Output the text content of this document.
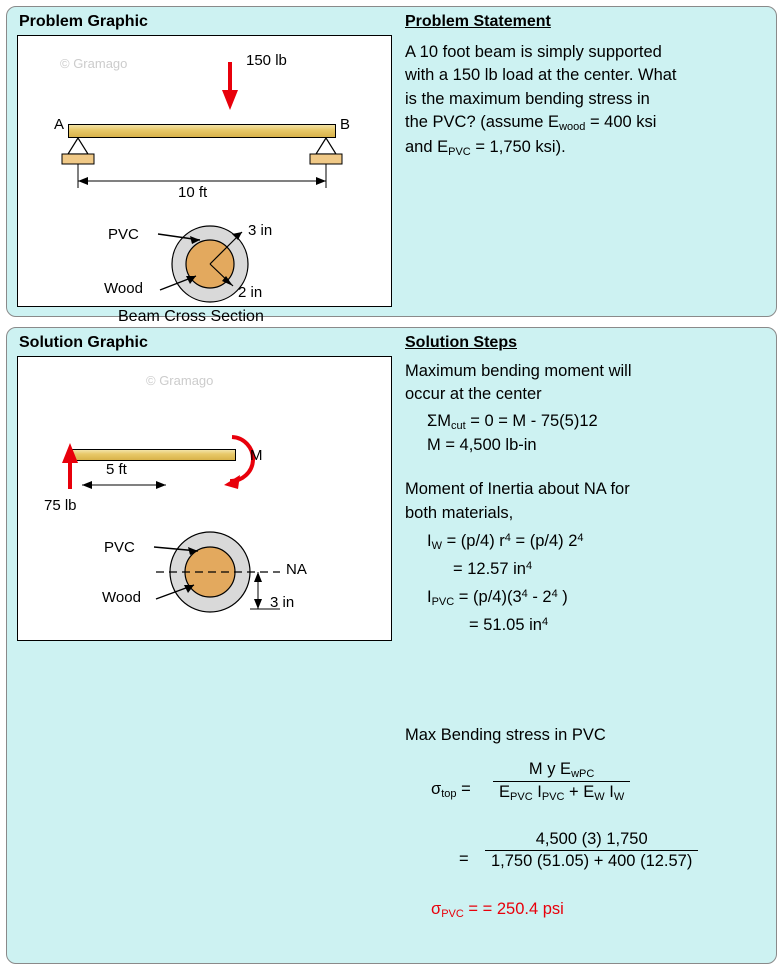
Problem Graphic	Problem Statement
© Gramago	150 lb
A	B
10 ft
PVC
Wood
3 in
2 in
Beam Cross Section
A 10 foot beam is simply supported
with a 150 lb load at the center. What
is the maximum bending stress in
the PVC? (assume $E_{wood} = 400$ ksi
and $E_{PVC} = 1,750$ ksi).
Solution Graphic	Solution Steps
© Gramago
M
75 lb
5 ft
PVC
Wood
NA
3 in
Maximum bending moment will
occur at the center
$\Sigma M_{cut} = 0 = M - 75(5)12$
M = 4,500 lb-in
Moment of Inertia about NA for
both materials,
$I_W = (p/4) r^4 = (p/4)$ $2^4$
= 12.57 $in^4$
$I_{PVC} = (p/4)(3^4 - 2^4$ )
= 51.05 $in^4$
Max Bending stress in PVC
$\sigma_{top}$ =
M y $E_{wPC}$
$E_{PVC}$ $I_{PVC} + E_W$ $I_W$
= $\frac{4,500 (3) 1,750}{1,750 (51.05) + 400 (12.57)}$
$\sigma_{PVC}$ = = 250.4 psi
